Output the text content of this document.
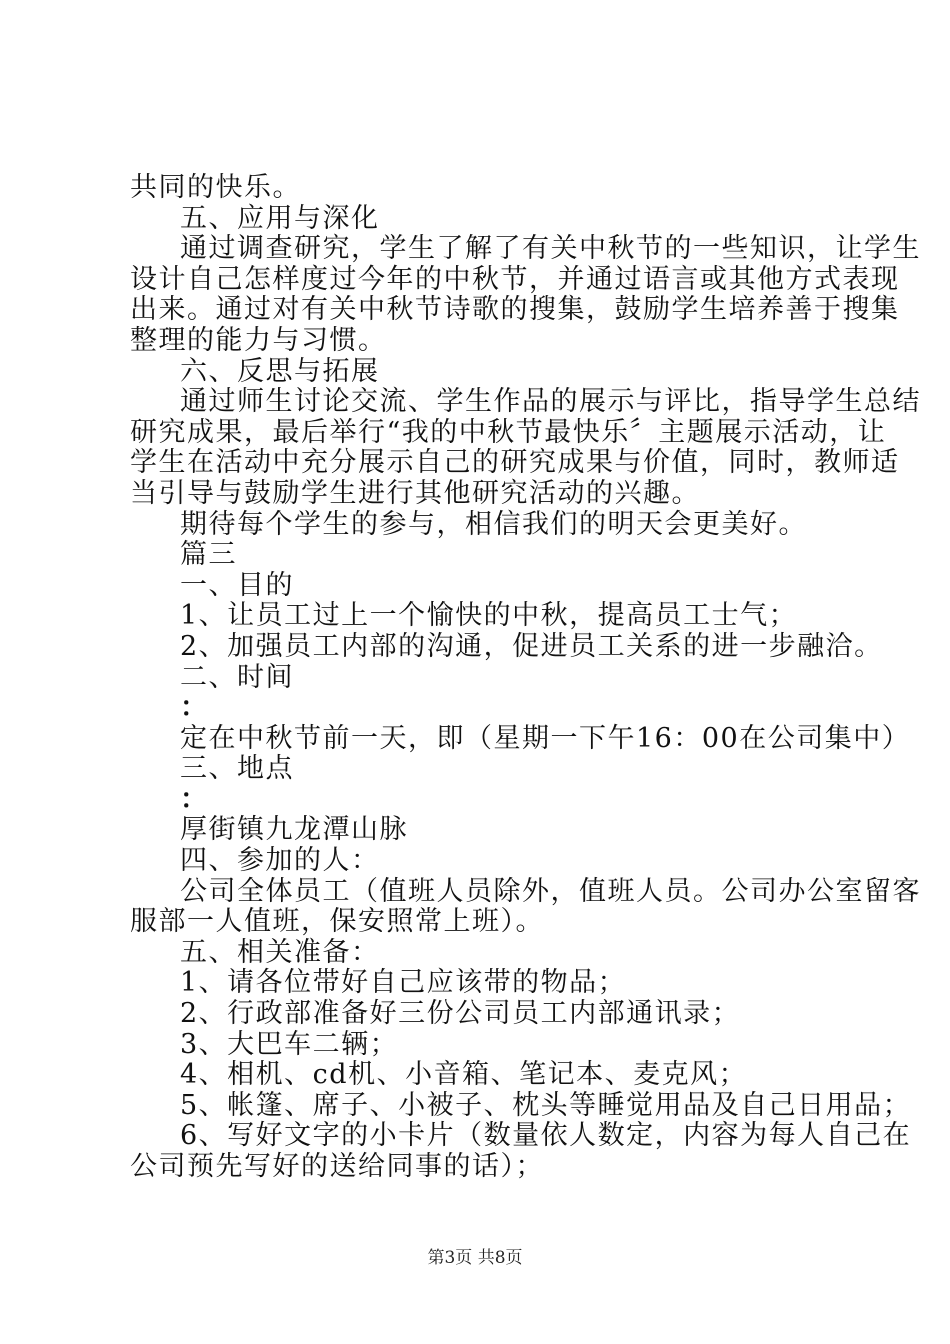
共同的快乐。

五、应用与深化

通过调查研究，学生了解了有关中秋节的一些知识，让学生

设计自己怎样度过今年的中秋节，并通过语言或其他方式表现

出来。通过对有关中秋节诗歌的搜集，鼓励学生培养善于搜集

整理的能力与习惯。

六、反思与拓展

通过师生讨论交流、学生作品的展示与评比，指导学生总结

研究成果，最后举行“我的中秋节最快乐〞主题展示活动，让

学生在活动中充分展示自己的研究成果与价值，同时，教师适

当引导与鼓励学生进行其他研究活动的兴趣。

期待每个学生的参与，相信我们的明天会更美好。

篇三

一、目的

1、让员工过上一个愉快的中秋，提高员工士气；

2、加强员工内部的沟通，促进员工关系的进一步融洽。

二、时间

：

定在中秋节前一天，即（星期一下午16：00在公司集中）

三、地点

：

厚街镇九龙潭山脉

四、参加的人：

公司全体员工（值班人员除外，值班人员。公司办公室留客

服部一人值班，保安照常上班）。

五、相关准备：

1、请各位带好自己应该带的物品；

2、行政部准备好三份公司员工内部通讯录；

3、大巴车二辆；

4、相机、cd机、小音箱、笔记本、麦克风；

5、帐篷、席子、小被子、枕头等睡觉用品及自己日用品；

6、写好文字的小卡片（数量依人数定，内容为每人自己在

公司预先写好的送给同事的话）；

第3页 共8页
